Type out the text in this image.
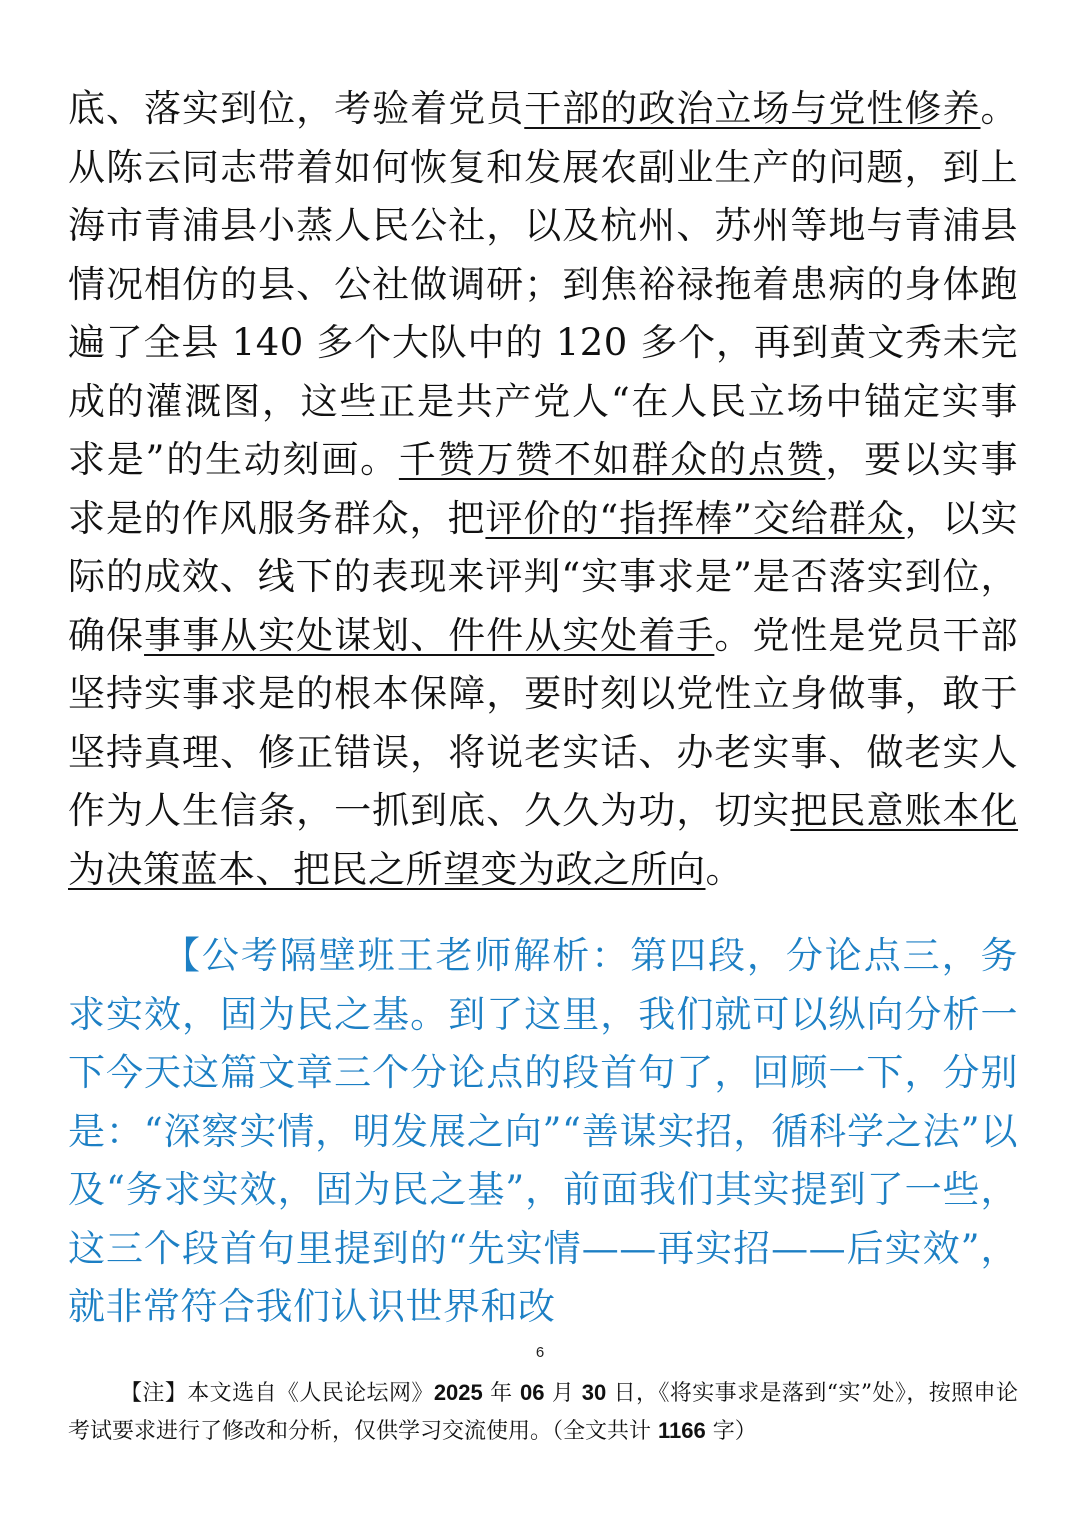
底、落实到位，考验着党员干部的政治立场与党性修养。从陈云同志带着如何恢复和发展农副业生产的问题，到上海市青浦县小蒸人民公社，以及杭州、苏州等地与青浦县情况相仿的县、公社做调研；到焦裕禄拖着患病的身体跑遍了全县 140 多个大队中的 120 多个，再到黄文秀未完成的灌溉图，这些正是共产党人“在人民立场中锚定实事求是”的生动刻画。千赞万赞不如群众的点赞，要以实事求是的作风服务群众，把评价的“指挥棒”交给群众，以实际的成效、线下的表现来评判“实事求是”是否落实到位，确保事事从实处谋划、件件从实处着手。党性是党员干部坚持实事求是的根本保障，要时刻以党性立身做事，敢于坚持真理、修正错误，将说老实话、办老实事、做老实人作为人生信条，一抓到底、久久为功，切实把民意账本化为决策蓝本、把民之所望变为政之所向。

【公考隔壁班王老师解析：第四段，分论点三，务求实效，固为民之基。到了这里，我们就可以纵向分析一下今天这篇文章三个分论点的段首句了，回顾一下，分别是：“深察实情，明发展之向”“善谋实招，循科学之法”以及“务求实效，固为民之基”，前面我们其实提到了一些，这三个段首句里提到的“先实情——再实招——后实效”，就非常符合我们认识世界和改

6

【注】本文选自《人民论坛网》2025 年 06 月 30 日，《将实事求是落到“实”处》，按照申论考试要求进行了修改和分析，仅供学习交流使用。（全文共计 1166 字）
